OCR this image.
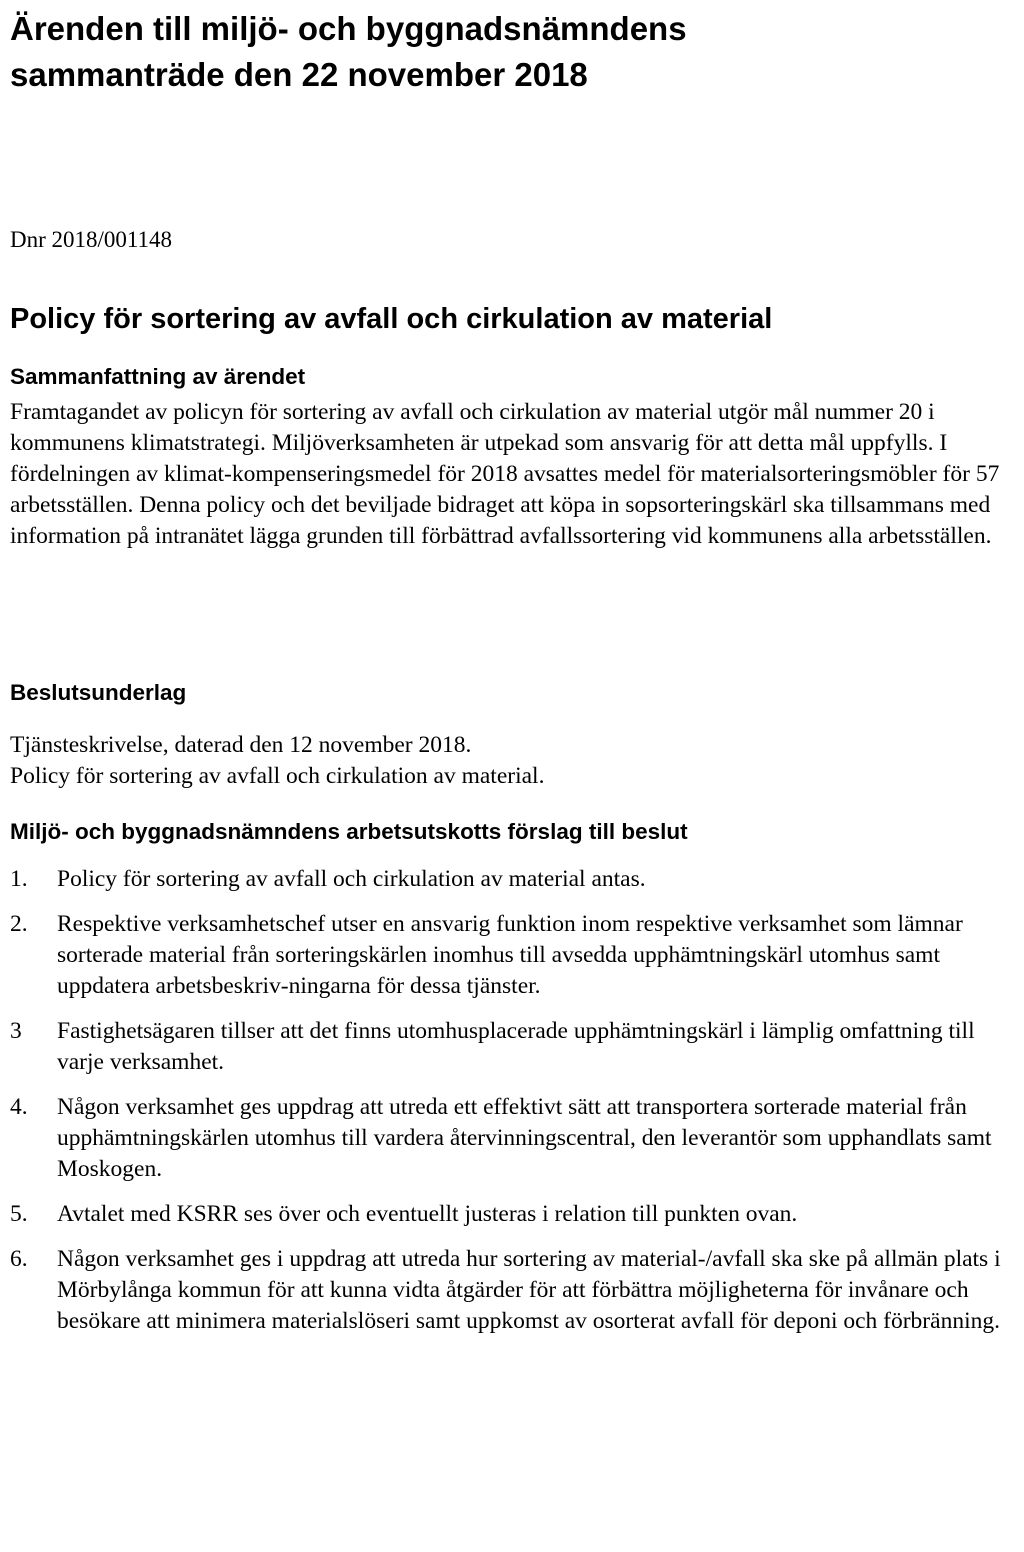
Ärenden till miljö- och byggnadsnämndens
sammanträde den 22 november 2018

Dnr 2018/001148

Policy för sortering av avfall och cirkulation av material
Sammanfattning av ärendet

Framtagandet av policyn för sortering av avfall och cirkulation av material utgör mål nummer 20 i kommunens klimatstrategi. Miljöverksamheten är utpekad som ansvarig för att detta mål uppfylls. I fördelningen av klimat-kompenseringsmedel för 2018 avsattes medel för materialsorteringsmöbler för 57 arbetsställen. Denna policy och det beviljade bidraget att köpa in sopsorteringskärl ska tillsammans med information på intranätet lägga grunden till förbättrad avfallssortering vid kommunens alla arbetsställen.

Beslutsunderlag
Tjänsteskrivelse, daterad den 12 november 2018.
Policy för sortering av avfall och cirkulation av material.
Miljö- och byggnadsnämndens arbetsutskotts förslag till beslut
1. Policy för sortering av avfall och cirkulation av material antas.
2. Respektive verksamhetschef utser en ansvarig funktion inom respektive verksamhet som lämnar sorterade material från sorteringskärlen inomhus till avsedda upphämtningskärl utomhus samt uppdatera arbetsbeskriv-ningarna för dessa tjänster.
3 Fastighetsägaren tillser att det finns utomhusplacerade upphämtningskärl i lämplig omfattning till varje verksamhet.
4. Någon verksamhet ges uppdrag att utreda ett effektivt sätt att transportera sorterade material från upphämtningskärlen utomhus till vardera återvinningscentral, den leverantör som upphandlats samt Moskogen.
5. Avtalet med KSRR ses över och eventuellt justeras i relation till punkten ovan.
6. Någon verksamhet ges i uppdrag att utreda hur sortering av material-/avfall ska ske på allmän plats i Mörbylånga kommun för att kunna vidta åtgärder för att förbättra möjligheterna för invånare och besökare att minimera materialslöseri samt uppkomst av osorterat avfall för deponi och förbränning.
